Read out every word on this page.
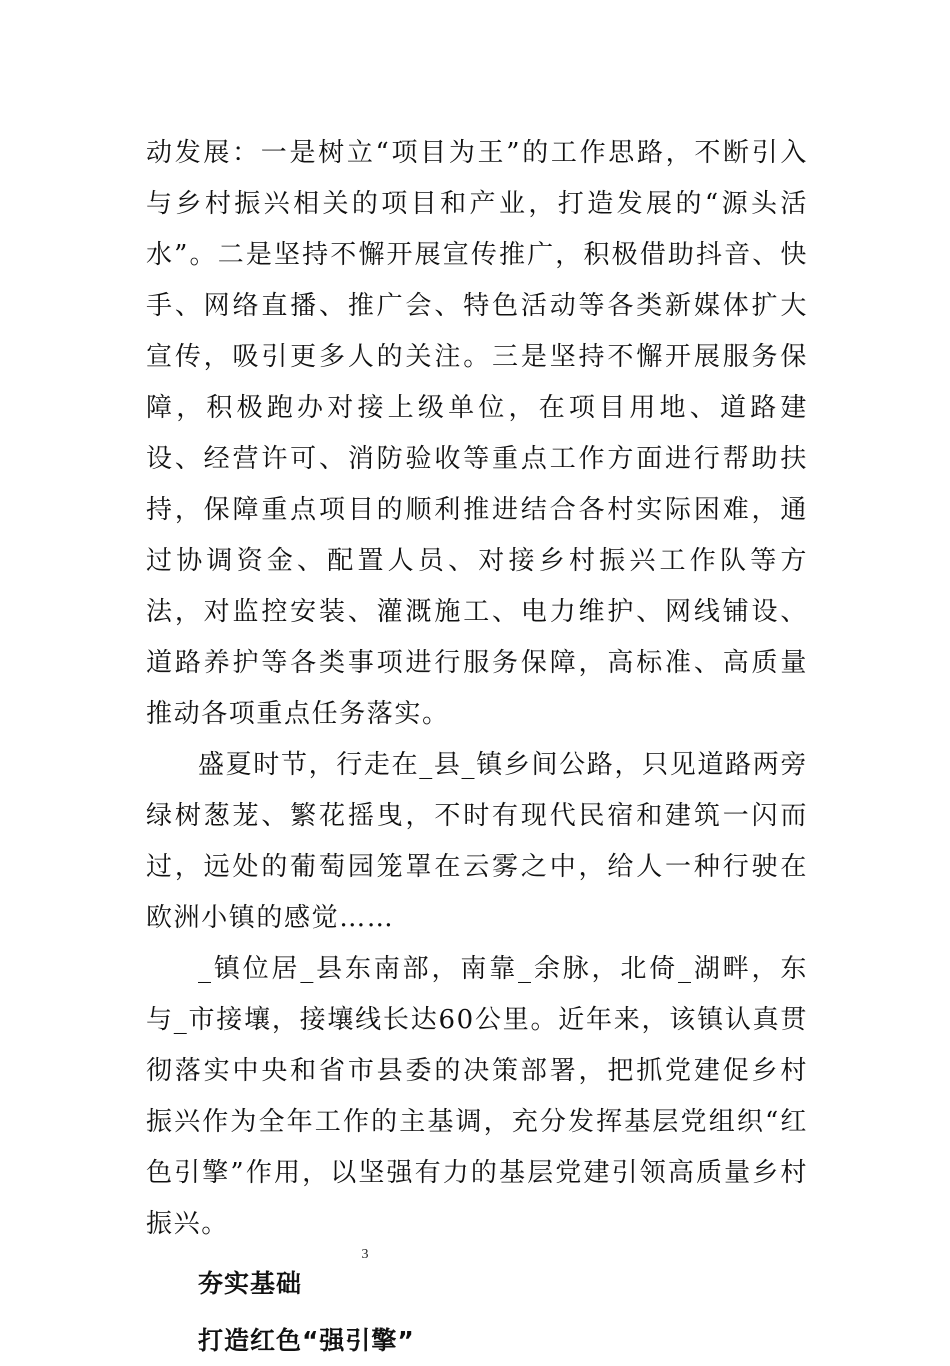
动发展：一是树立“项目为王”的工作思路，不断引入与乡村振兴相关的项目和产业，打造发展的“源头活水”。二是坚持不懈开展宣传推广，积极借助抖音、快手、网络直播、推广会、特色活动等各类新媒体扩大宣传，吸引更多人的关注。三是坚持不懈开展服务保障，积极跑办对接上级单位，在项目用地、道路建设、经营许可、消防验收等重点工作方面进行帮助扶持，保障重点项目的顺利推进结合各村实际困难，通过协调资金、配置人员、对接乡村振兴工作队等方法，对监控安装、灌溉施工、电力维护、网线铺设、道路养护等各类事项进行服务保障，高标准、高质量推动各项重点任务落实。

盛夏时节，行走在_县_镇乡间公路，只见道路两旁绿树葱茏、繁花摇曳，不时有现代民宿和建筑一闪而过，远处的葡萄园笼罩在云雾之中，给人一种行驶在欧洲小镇的感觉……

_镇位居_县东南部，南靠_余脉，北倚_湖畔，东与_市接壤，接壤线长达60公里。近年来，该镇认真贯彻落实中央和省市县委的决策部署，把抓党建促乡村振兴作为全年工作的主基调，充分发挥基层党组织“红色引擎”作用，以坚强有力的基层党建引领高质量乡村振兴。

夯实基础

打造红色“强引擎”

3
